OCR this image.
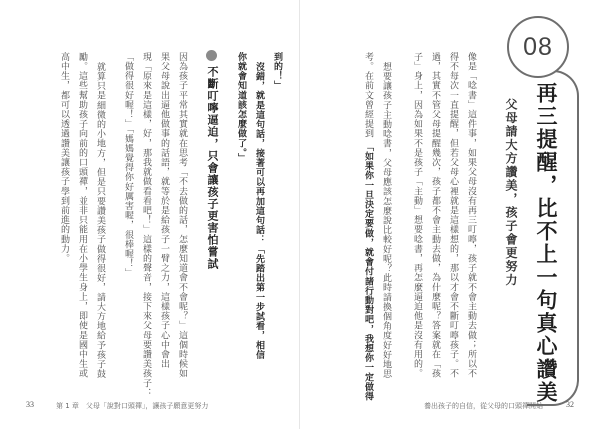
08
再三提醒，比不上一句真心讚美
父母請大方讚美，孩子會更努力
像是「唸書」這件事，如果父母沒有再三叮嚀，孩子就不會主動去做；所以不
得不每次一直提醒，但若父母心裡就是這樣想的，那以才會不斷叮嚀孩子。不
過，其實不管父母提醒幾次，孩子都不會主動去做，為什麼呢？答案就在「孩
子」身上，因為如果不是孩子「主動」想要唸書，再怎麼逼迫他是沒有用的。
想要讓孩子主動唸書，父母應該怎麼說比較好呢？此時請換個角度好好地思
考。在前文曾經提到
「如果你一旦決定要做，就會付諸行動對吧，我想你一定做得
養出孩子的自信，從父母的口頭禪開始	32
到的！」
沒錯，就是這句話，接著可以再加這句話：「先踏出第一步試看，相信
你就會知道該怎麼做了。」
不斷叮嚀逼迫，只會讓孩子更害怕嘗試
因為孩子平常其實就在思考「不去做的話，怎麼知道會不會呢？」這個時候如
果父母說出逼他做事的話語，就等於是給孩子一臂之力，這樣孩子心中會出
現「原來是這樣，好，那我就做看看吧！」這樣的聲音，接下來父母要讚美孩子：
「做得很好喔！」「媽媽覺得你好厲害喔，很棒喔！」
就算只是細微的小地方，但是只要讚美孩子做得很好，請大方地給予孩子鼓
勵。這些幫助孩子向前的口頭禪，並非只能用在小學生身上，即使是國中生或
高中生，都可以透過讚美讓孩子學到前進的動力。
33	第 1 章　父母「說對口頭禪」，讓孩子願意更努力
